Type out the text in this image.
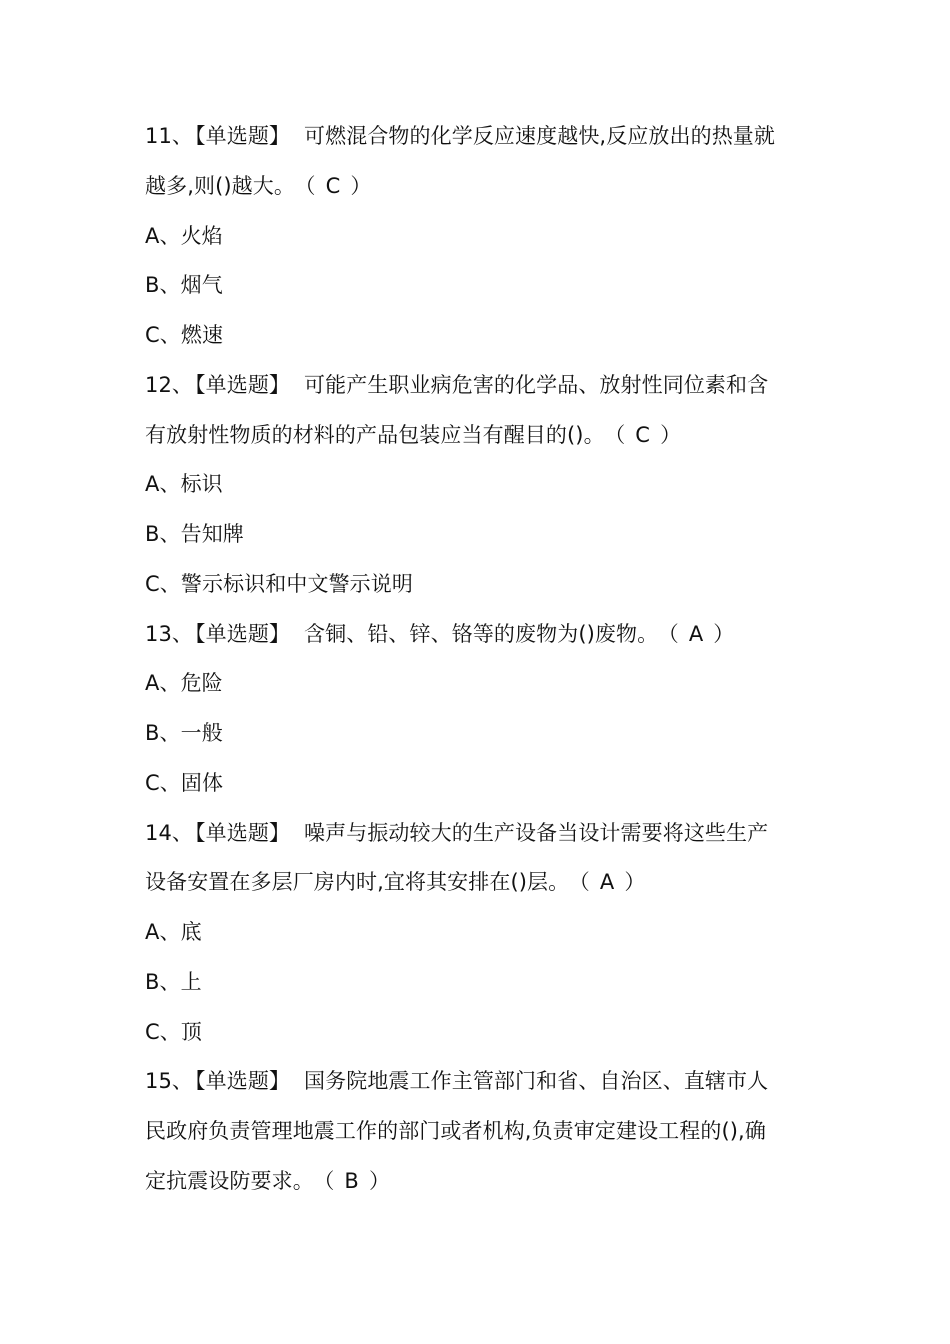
11、【单选题】 可燃混合物的化学反应速度越快,反应放出的热量就
越多,则()越大。 （ C ）
A、火焰
B、烟气
C、燃速
12、【单选题】 可能产生职业病危害的化学品、放射性同位素和含
有放射性物质的材料的产品包装应当有醒目的()。 （ C ）
A、标识
B、告知牌
C、警示标识和中文警示说明
13、【单选题】 含铜、铅、锌、铬等的废物为()废物。 （ A ）
A、危险
B、一般
C、固体
14、【单选题】 噪声与振动较大的生产设备当设计需要将这些生产
设备安置在多层厂房内时,宜将其安排在()层。 （ A ）
A、底
B、上
C、顶
15、【单选题】 国务院地震工作主管部门和省、自治区、直辖市人
民政府负责管理地震工作的部门或者机构,负责审定建设工程的(),确
定抗震设防要求。 （ B ）
